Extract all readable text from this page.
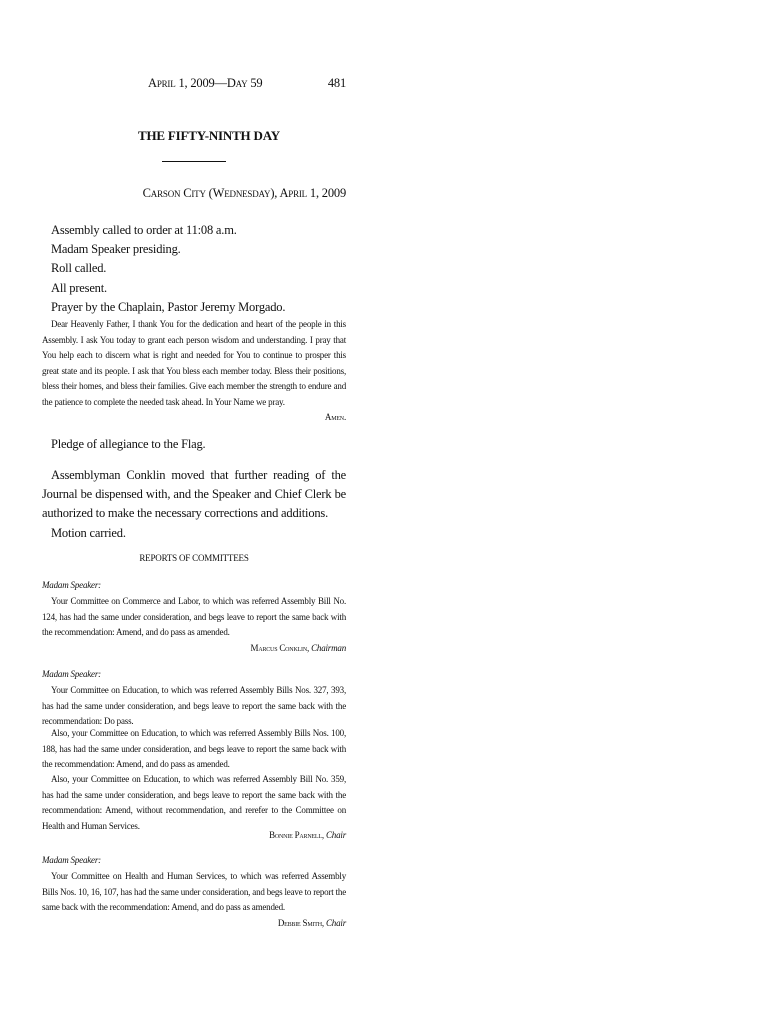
April 1, 2009—Day 59	481
THE FIFTY-NINTH DAY
Carson City (Wednesday), April 1, 2009
Assembly called to order at 11:08 a.m.
Madam Speaker presiding.
Roll called.
All present.
Prayer by the Chaplain, Pastor Jeremy Morgado.
Dear Heavenly Father, I thank You for the dedication and heart of the people in this Assembly. I ask You today to grant each person wisdom and understanding. I pray that You help each to discern what is right and needed for You to continue to prosper this great state and its people. I ask that You bless each member today. Bless their positions, bless their homes, and bless their families. Give each member the strength to endure and the patience to complete the needed task ahead. In Your Name we pray.
Amen.
Pledge of allegiance to the Flag.
Assemblyman Conklin moved that further reading of the Journal be dispensed with, and the Speaker and Chief Clerk be authorized to make the necessary corrections and additions.
Motion carried.
REPORTS OF COMMITTEES
Madam Speaker:
Your Committee on Commerce and Labor, to which was referred Assembly Bill No. 124, has had the same under consideration, and begs leave to report the same back with the recommendation: Amend, and do pass as amended.
Marcus Conklin, Chairman
Madam Speaker:
Your Committee on Education, to which was referred Assembly Bills Nos. 327, 393, has had the same under consideration, and begs leave to report the same back with the recommendation: Do pass.
Also, your Committee on Education, to which was referred Assembly Bills Nos. 100, 188, has had the same under consideration, and begs leave to report the same back with the recommendation: Amend, and do pass as amended.
Also, your Committee on Education, to which was referred Assembly Bill No. 359, has had the same under consideration, and begs leave to report the same back with the recommendation: Amend, without recommendation, and rerefer to the Committee on Health and Human Services.
Bonnie Parnell, Chair
Madam Speaker:
Your Committee on Health and Human Services, to which was referred Assembly Bills Nos. 10, 16, 107, has had the same under consideration, and begs leave to report the same back with the recommendation: Amend, and do pass as amended.
Debbie Smith, Chair
